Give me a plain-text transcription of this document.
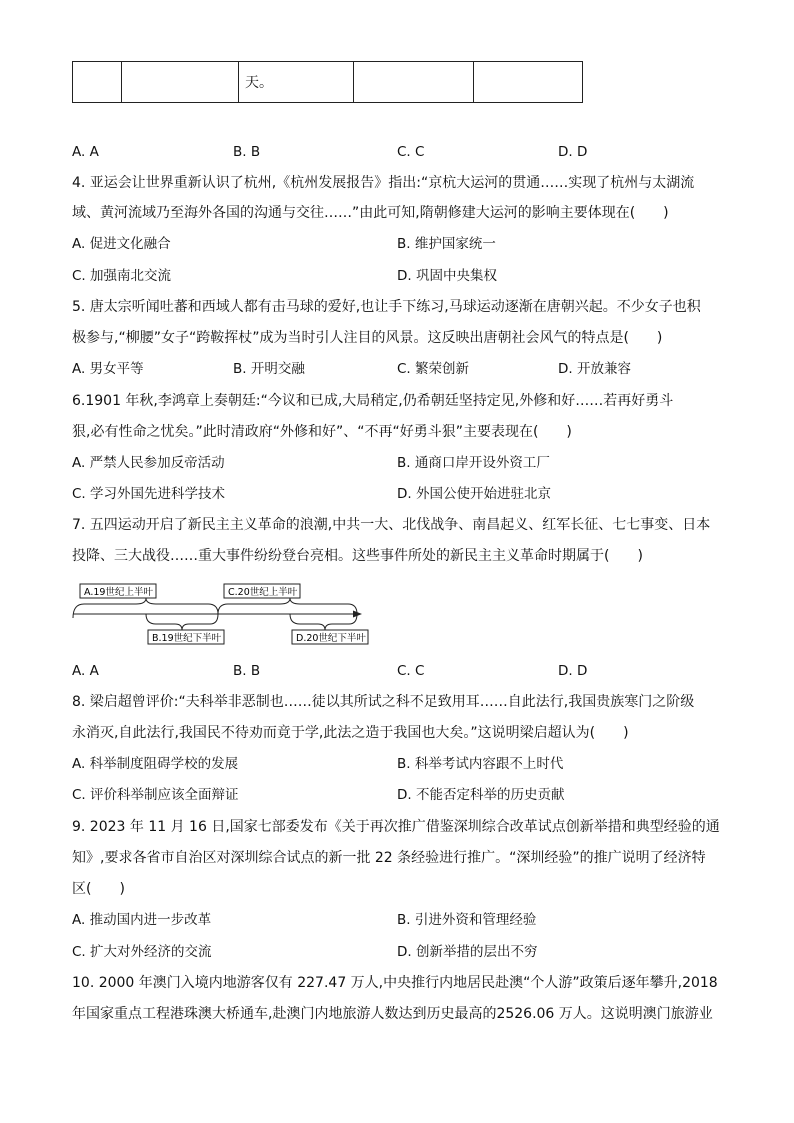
		天。		
A. A	B. B	C. C	D. D
4. 亚运会让世界重新认识了杭州,《杭州发展报告》指出:“京杭大运河的贯通……实现了杭州与太湖流
域、黄河流域乃至海外各国的沟通与交往……”由此可知,隋朝修建大运河的影响主要体现在(　　)
A. 促进文化融合	B. 维护国家统一
C. 加强南北交流	D. 巩固中央集权
5. 唐太宗听闻吐蕃和西域人都有击马球的爱好,也让手下练习,马球运动逐渐在唐朝兴起。不少女子也积
极参与,“柳腰”女子“跨鞍挥杖”成为当时引人注目的风景。这反映出唐朝社会风气的特点是(　　)
A. 男女平等	B. 开明交融	C. 繁荣创新	D. 开放兼容
6.1901 年秋,李鸿章上奏朝廷:“今议和已成,大局稍定,仍希朝廷坚持定见,外修和好……若再好勇斗
狠,必有性命之忧矣。”此时清政府“外修和好”、“不再“好勇斗狠”主要表现在(　　)
A. 严禁人民参加反帝活动	B. 通商口岸开设外资工厂
C. 学习外国先进科学技术	D. 外国公使开始进驻北京
7. 五四运动开启了新民主主义革命的浪潮,中共一大、北伐战争、南昌起义、红军长征、七七事变、日本
投降、三大战役……重大事件纷纷登台亮相。这些事件所处的新民主主义革命时期属于(　　)
A.19世纪上半叶	C.20世纪上半叶
B.19世纪下半叶	D.20世纪下半叶
A. A	B. B	C. C	D. D
8. 梁启超曾评价:“夫科举非恶制也……徒以其所试之科不足致用耳……自此法行,我国贵族寒门之阶级
永消灭,自此法行,我国民不待劝而竟于学,此法之造于我国也大矣。”这说明梁启超认为(　　)
A. 科举制度阻碍学校的发展	B. 科举考试内容跟不上时代
C. 评价科举制应该全面辩证	D. 不能否定科举的历史贡献
9. 2023 年 11 月 16 日,国家七部委发布《关于再次推广借鉴深圳综合改革试点创新举措和典型经验的通
知》,要求各省市自治区对深圳综合试点的新一批 22 条经验进行推广。“深圳经验”的推广说明了经济特
区(　　)
A. 推动国内进一步改革	B. 引进外资和管理经验
C. 扩大对外经济的交流	D. 创新举措的层出不穷
10. 2000 年澳门入境内地游客仅有 227.47 万人,中央推行内地居民赴澳“个人游”政策后逐年攀升,2018
年国家重点工程港珠澳大桥通车,赴澳门内地旅游人数达到历史最高的2526.06 万人。这说明澳门旅游业
